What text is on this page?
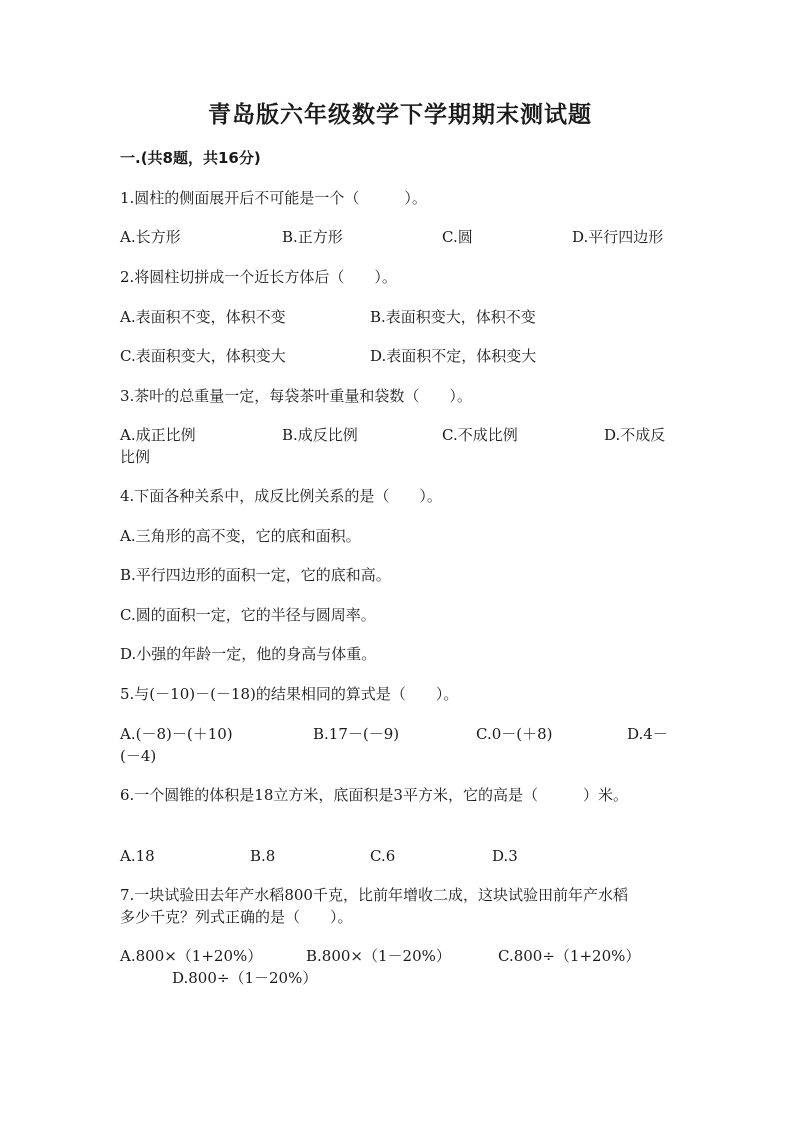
青岛版六年级数学下学期期末测试题
一.(共8题，共16分)
1.圆柱的侧面展开后不可能是一个（　　　）。
A.长方形	B.正方形	C.圆	D.平行四边形
2.将圆柱切拼成一个近长方体后（　　）。
A.表面积不变，体积不变	B.表面积变大，体积不变
C.表面积变大，体积变大	D.表面积不定，体积变大
3.茶叶的总重量一定，每袋茶叶重量和袋数（　　）。
A.成正比例	B.成反比例	C.不成比例	D.不成反
比例
4.下面各种关系中，成反比例关系的是（　　）。
A.三角形的高不变，它的底和面积。
B.平行四边形的面积一定，它的底和高。
C.圆的面积一定，它的半径与圆周率。
D.小强的年龄一定，他的身高与体重。
5.与(－10)－(－18)的结果相同的算式是（　　）。
A.(－8)－(＋10)	B.17－(－9)	C.0－(＋8)	D.4－
(－4)
6.一个圆锥的体积是18立方米，底面积是3平方米，它的高是（　　　）米。
A.18	B.8	C.6	D.3
7.一块试验田去年产水稻800千克，比前年增收二成，这块试验田前年产水稻
多少千克？列式正确的是（　　）。
A.800×（1+20%）	B.800×（1－20%）	C.800÷（1+20%）
D.800÷（1－20%）
